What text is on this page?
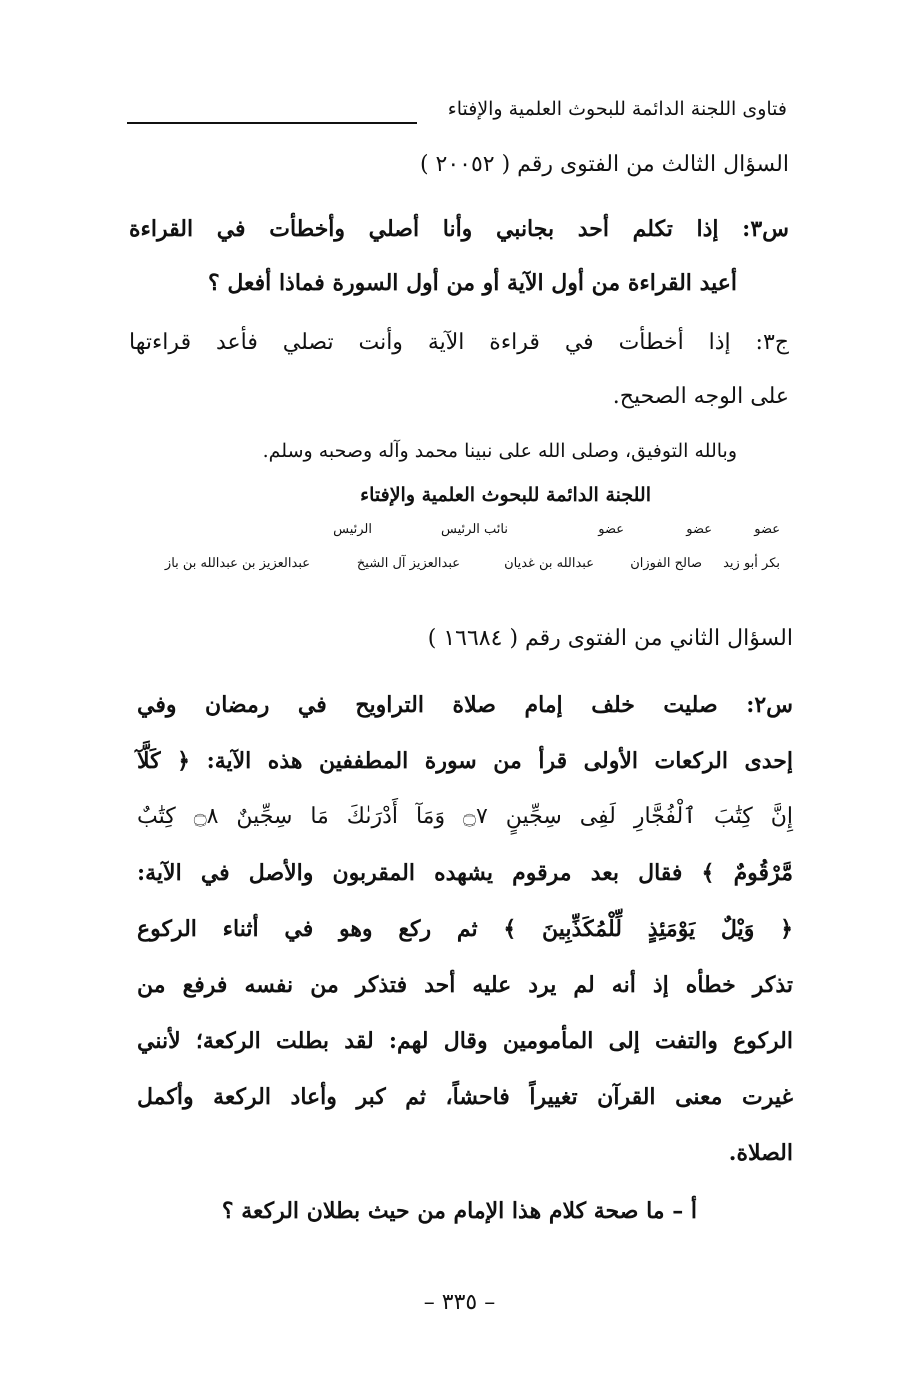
فتاوى اللجنة الدائمة للبحوث العلمية والإفتاء
السؤال الثالث من الفتوى رقم ( ٢٠٠٥٢ )
س٣: إذا تكلم أحد بجانبي وأنا أصلي وأخطأت في القراءة
أعيد القراءة من أول الآية أو من أول السورة فماذا أفعل ؟
ج٣: إذا أخطأت في قراءة الآية وأنت تصلي فأعد قراءتها
على الوجه الصحيح.
وبالله التوفيق، وصلى الله على نبينا محمد وآله وصحبه وسلم.
اللجنة الدائمة للبحوث العلمية والإفتاء
عضو
عضو
عضو
نائب الرئيس
الرئيس
بكر أبو زيد
صالح الفوزان
عبدالله بن غديان
عبدالعزيز آل الشيخ
عبدالعزيز بن عبدالله بن باز
السؤال الثاني من الفتوى رقم ( ١٦٦٨٤ )
س٢: صليت خلف إمام صلاة التراويح في رمضان وفي
إحدى الركعات الأولى قرأ من سورة المطففين هذه الآية: ﴿ كَلَّآ
إِنَّ كِتَٰبَ ٱلْفُجَّارِ لَفِى سِجِّينٍ ۝٧ وَمَآ أَدْرَىٰكَ مَا سِجِّينٌ ۝٨ كِتَٰبٌ
مَّرْقُومٌ ﴾ فقال بعد مرقوم يشهده المقربون والأصل في الآية:
﴿ وَيْلٌ يَوْمَئِذٍ لِّلْمُكَذِّبِينَ ﴾ ثم ركع وهو في أثناء الركوع
تذكر خطأه إذ أنه لم يرد عليه أحد فتذكر من نفسه فرفع من
الركوع والتفت إلى المأمومين وقال لهم: لقد بطلت الركعة؛ لأنني
غيرت معنى القرآن تغييراً فاحشاً، ثم كبر وأعاد الركعة وأكمل
الصلاة.
أ – ما صحة كلام هذا الإمام من حيث بطلان الركعة ؟
– ٣٣٥ –
